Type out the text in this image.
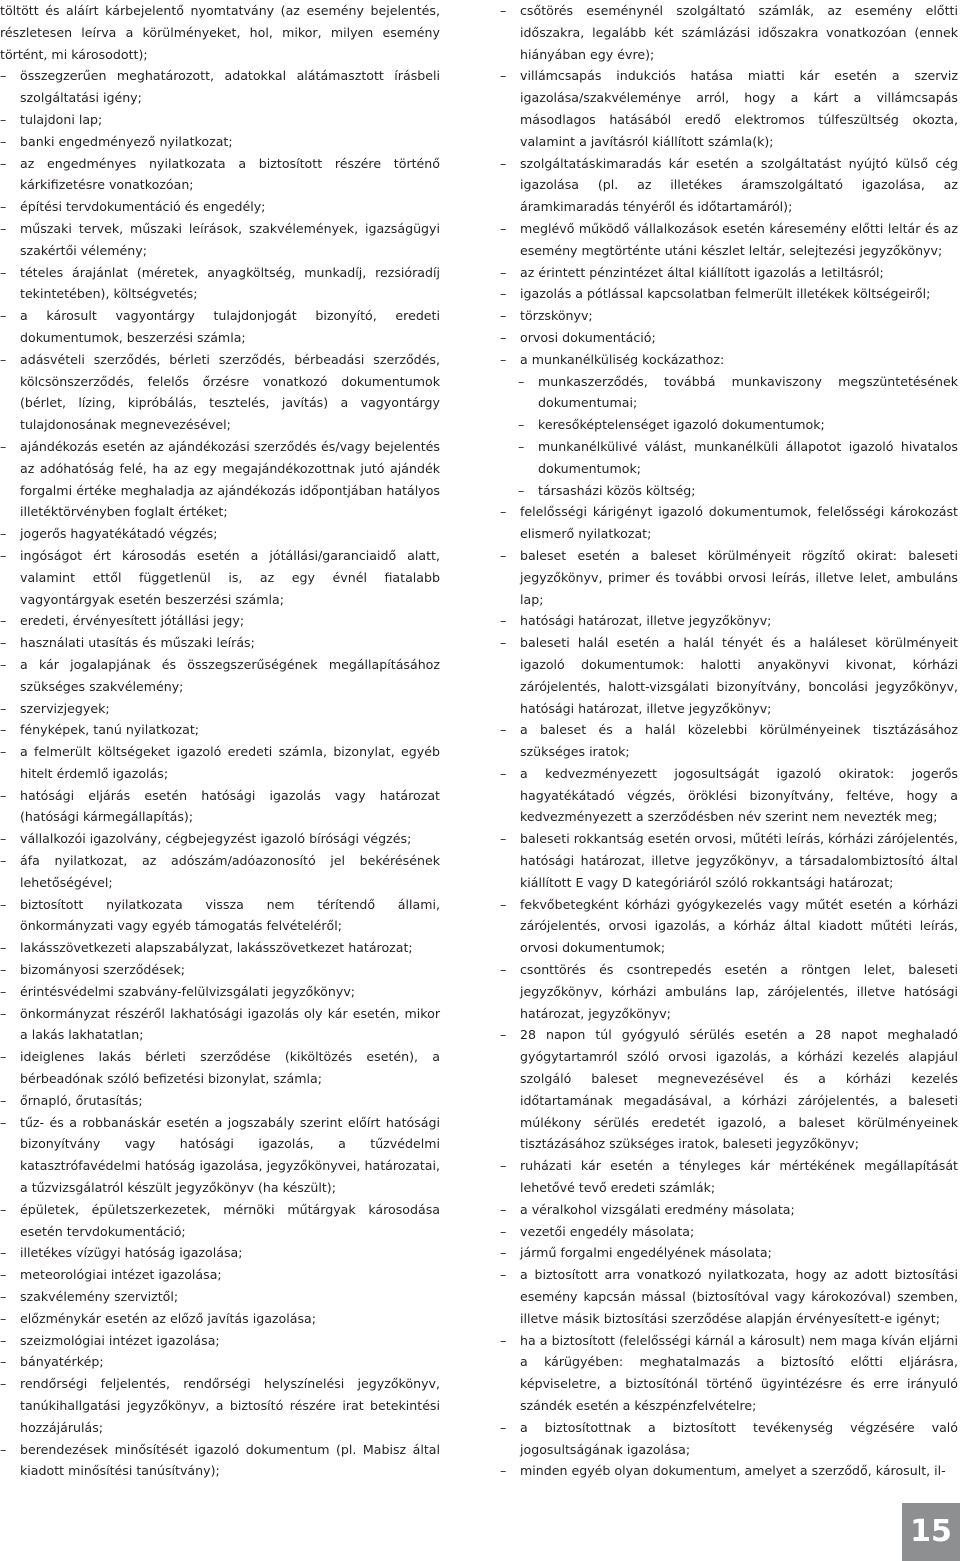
töltött és aláírt kárbejelentő nyomtatvány (az esemény bejelentés, részletesen leírva a körülményeket, hol, mikor, milyen esemény történt, mi károsodott);

– összegzerűen meghatározott, adatokkal alátámasztott írásbeli szolgáltatási igény;

– tulajdoni lap;

– banki engedményező nyilatkozat;

– az engedményes nyilatkozata a biztosított részére történő kárkifizetésre vonatkozóan;

– építési tervdokumentáció és engedély;

– műszaki tervek, műszaki leírások, szakvélemények, igazságügyi szakértői vélemény;

– tételes árajánlat (méretek, anyagköltség, munkadíj, rezsióradíj tekintetében), költségvetés;

– a károsult vagyontárgy tulajdonjogát bizonyító, eredeti dokumentumok, beszerzési számla;

– adásvételi szerződés, bérleti szerződés, bérbeadási szerződés, kölcsönszerződés, felelős őrzésre vonatkozó dokumentumok (bérlet, lízing, kipróbálás, tesztelés, javítás) a vagyontárgy tulajdonosának megnevezésével;

– ajándékozás esetén az ajándékozási szerződés és/vagy bejelentés az adóhatóság felé, ha az egy megajándékozottnak jutó ajándék forgalmi értéke meghaladja az ajándékozás időpontjában hatályos illetéktörvényben foglalt értéket;

– jogerős hagyatékátadó végzés;

– ingóságot ért károsodás esetén a jótállási/garanciaidő alatt, valamint ettől függetlenül is, az egy évnél fiatalabb vagyontárgyak esetén beszerzési számla;

– eredeti, érvényesített jótállási jegy;

– használati utasítás és műszaki leírás;

– a kár jogalapjának és összegszerűségének megállapításához szükséges szakvélemény;

– szervizjegyek;

– fényképek, tanú nyilatkozat;

– a felmerült költségeket igazoló eredeti számla, bizonylat, egyéb hitelt érdemlő igazolás;

– hatósági eljárás esetén hatósági igazolás vagy határozat (hatósági kármegállapítás);

– vállalkozói igazolvány, cégbejegyzést igazoló bírósági végzés;

– áfa nyilatkozat, az adószám/adóazonosító jel bekérésének lehetőségével;

– biztosított nyilatkozata vissza nem térítendő állami, önkormányzati vagy egyéb támogatás felvételéről;

– lakásszövetkezeti alapszabályzat, lakásszövetkezet határozat;

– bizományosi szerződések;

– érintésvédelmi szabvány-felülvizsgálati jegyzőkönyv;

– önkormányzat részéről lakhatósági igazolás oly kár esetén, mikor a lakás lakhatatlan;

– ideiglenes lakás bérleti szerződése (kiköltözés esetén), a bérbeadónak szóló befizetési bizonylat, számla;

– őrnapló, őrutasítás;

– tűz- és a robbanáskár esetén a jogszabály szerint előírt hatósági bizonyítvány vagy hatósági igazolás, a tűzvédelmi katasztrófavédelmi hatóság igazolása, jegyzőkönyvei, határozatai, a tűzvizsgálatról készült jegyzőkönyv (ha készült);

– épületek, épületszerkezetek, mérnöki műtárgyak károsodása esetén tervdokumentáció;

– illetékes vízügyi hatóság igazolása;

– meteorológiai intézet igazolása;

– szakvélemény szerviztől;

– előzménykár esetén az előző javítás igazolása;

– szeizmológiai intézet igazolása;

– bányatérkép;

– rendőrségi feljelentés, rendőrségi helyszínelési jegyzőkönyv, tanúkihallgatási jegyzőkönyv, a biztosító részére irat betekintési hozzájárulás;

– berendezések minősítését igazoló dokumentum (pl. Mabisz által kiadott minősítési tanúsítvány);

– csőtörés eseménynél szolgáltató számlák, az esemény előtti időszakra, legalább két számlázási időszakra vonatkozóan (ennek hiányában egy évre);

– villámcsapás indukciós hatása miatti kár esetén a szerviz igazolása/szakvéleménye arról, hogy a kárt a villámcsapás másodlagos hatásából eredő elektromos túlfeszültség okozta, valamint a javításról kiállított számla(k);

– szolgáltatáskimaradás kár esetén a szolgáltatást nyújtó külső cég igazolása (pl. az illetékes áramszolgáltató igazolása, az áramkimaradás tényéről és időtartamáról);

– meglévő működő vállalkozások esetén káresemény előtti leltár és az esemény megtörténte utáni készlet leltár, selejtezési jegyzőkönyv;

– az érintett pénzintézet által kiállított igazolás a letiltásról;

– igazolás a pótlással kapcsolatban felmerült illetékek költségeiről;

– törzskönyv;

– orvosi dokumentáció;

– a munkanélküliség kockázathoz:

– munkaszerződés, továbbá munkaviszony megszüntetésének dokumentumai;

– keresőképtelenséget igazoló dokumentumok;

– munkanélkülivé válást, munkanélküli állapotot igazoló hivatalos dokumentumok;

– társasházi közös költség;

– felelősségi kárigényt igazoló dokumentumok, felelősségi károkozást elismerő nyilatkozat;

– baleset esetén a baleset körülményeit rögzítő okirat: baleseti jegyzőkönyv, primer és további orvosi leírás, illetve lelet, ambuláns lap;

– hatósági határozat, illetve jegyzőkönyv;

– baleseti halál esetén a halál tényét és a haláleset körülményeit igazoló dokumentumok: halotti anyakönyvi kivonat, kórházi zárójelentés, halott-vizsgálati bizonyítvány, boncolási jegyzőkönyv, hatósági határozat, illetve jegyzőkönyv;

– a baleset és a halál közelebbi körülményeinek tisztázásához szükséges iratok;

– a kedvezményezett jogosultságát igazoló okiratok: jogerős hagyatékátadó végzés, öröklési bizonyítvány, feltéve, hogy a kedvezményezett a szerződésben név szerint nem nevezték meg;

– baleseti rokkantság esetén orvosi, műtéti leírás, kórházi zárójelentés, hatósági határozat, illetve jegyzőkönyv, a társadalombiztosító által kiállított E vagy D kategóriáról szóló rokkantsági határozat;

– fekvőbetegként kórházi gyógykezelés vagy műtét esetén a kórházi zárójelentés, orvosi igazolás, a kórház által kiadott műtéti leírás, orvosi dokumentumok;

– csonttörés és csontrepedés esetén a röntgen lelet, baleseti jegyzőkönyv, kórházi ambuláns lap, zárójelentés, illetve hatósági határozat, jegyzőkönyv;

– 28 napon túl gyógyuló sérülés esetén a 28 napot meghaladó gyógytartamról szóló orvosi igazolás, a kórházi kezelés alapjául szolgáló baleset megnevezésével és a kórházi kezelés időtartamának megadásával, a kórházi zárójelentés, a baleseti múlékony sérülés eredetét igazoló, a baleset körülményeinek tisztázásához szükséges iratok, baleseti jegyzőkönyv;

– ruházati kár esetén a tényleges kár mértékének megállapítását lehetővé tevő eredeti számlák;

– a véralkohol vizsgálati eredmény másolata;

– vezetői engedély másolata;

– jármű forgalmi engedélyének másolata;

– a biztosított arra vonatkozó nyilatkozata, hogy az adott biztosítási esemény kapcsán mással (biztosítóval vagy károkozóval) szemben, illetve másik biztosítási szerződése alapján érvényesített-e igényt;

– ha a biztosított (felelősségi kárnál a károsult) nem maga kíván eljárni a kárügyében: meghatalmazás a biztosító előtti eljárásra, képviseletre, a biztosítónál történő ügyintézésre és erre irányuló szándék esetén a készpénzfelvételre;

– a biztosítottnak a biztosított tevékenység végzésére való jogosultságának igazolása;

– minden egyéb olyan dokumentum, amelyet a szerződő, károsult, il-

15
